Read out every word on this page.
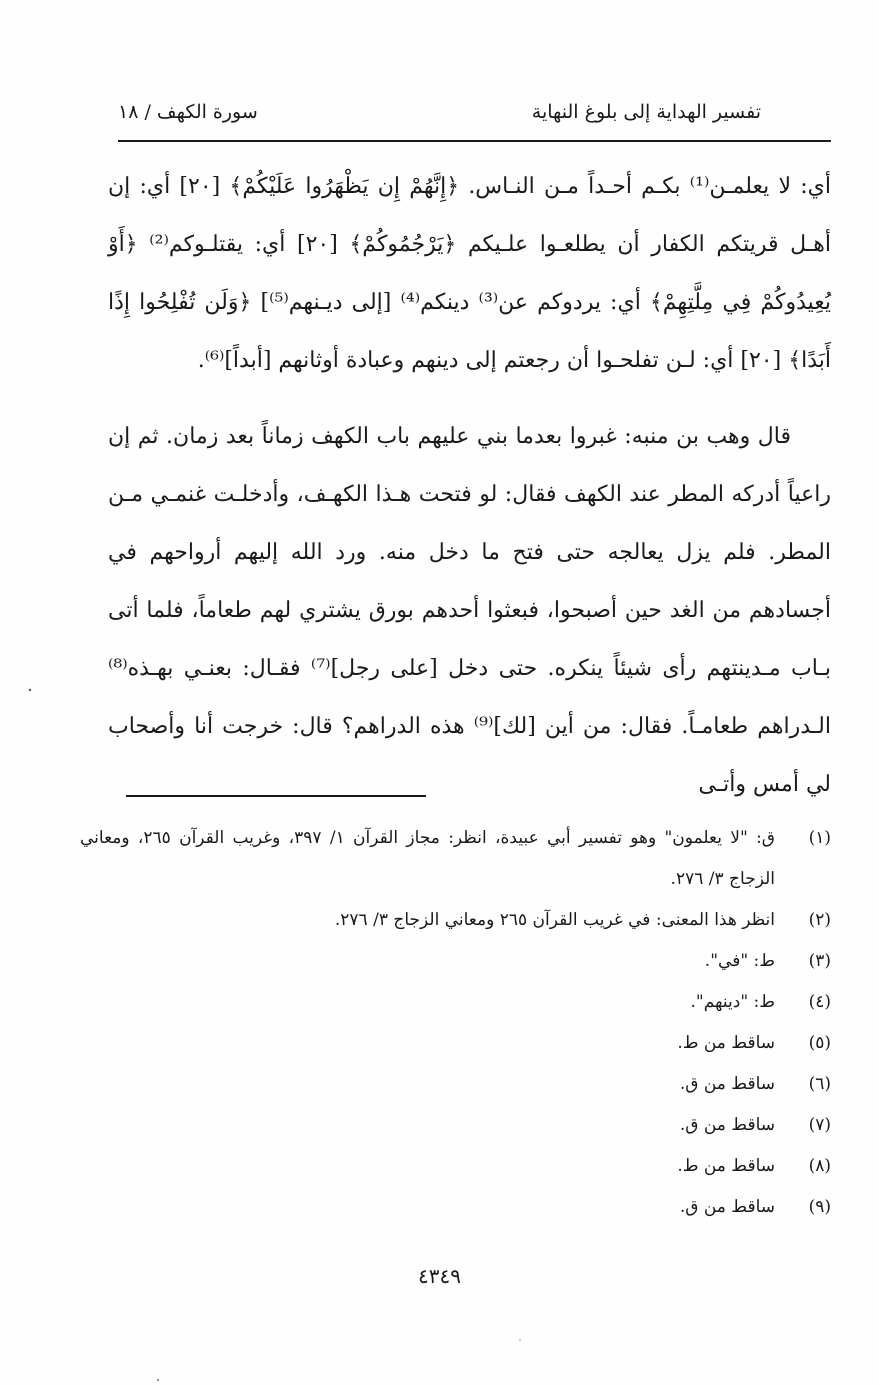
تفسير الهداية إلى بلوغ النهاية
سورة الكهف / ١٨

أي: لا يعلمـن⁽¹⁾ بكـم أحـداً مـن النـاس. ﴿إِنَّهُمْ إِن يَظْهَرُوا عَلَيْكُمْ﴾ [٢٠] أي: إن أهـل قريتكم الكفار أن يطلعـوا علـيكم ﴿يَرْجُمُوكُمْ﴾ [٢٠] أي: يقتلـوكم⁽²⁾ ﴿أَوْ يُعِيدُوكُمْ فِي مِلَّتِهِمْ﴾ أي: يردوكم عن⁽³⁾ دينكم⁽⁴⁾ [إلى ديـنهم⁽⁵⁾] ﴿وَلَن تُفْلِحُوا إِذًا أَبَدًا﴾ [٢٠] أي: لـن تفلحـوا أن رجعتم إلى دينهم وعبادة أوثانهم [أبداً]⁽⁶⁾.

قال وهب بن منبه: غبروا بعدما بني عليهم باب الكهف زماناً بعد زمان. ثم إن راعياً أدركه المطر عند الكهف فقال: لو فتحت هـذا الكهـف، وأدخلـت غنمـي مـن المطر. فلم يزل يعالجه حتى فتح ما دخل منه. ورد الله إليهم أرواحهم في أجسادهم من الغد حين أصبحوا، فبعثوا أحدهم بورق يشتري لهم طعاماً، فلما أتى بـاب مـدينتهم رأى شيئاً ينكره. حتى دخل [على رجل]⁽⁷⁾ فقـال: بعنـي بهـذه⁽⁸⁾ الـدراهم طعامـاً. فقال: من أين [لك]⁽⁹⁾ هذه الدراهم؟ قال: خرجت أنا وأصحاب لي أمس وأتـى

(١)
ق: "لا يعلمون" وهو تفسير أبي عبيدة، انظر: مجاز القرآن ١/ ٣٩٧، وغريب القرآن ٢٦٥، ومعاني الزجاج ٣/ ٢٧٦.
(٢)
انظر هذا المعنى: في غريب القرآن ٢٦٥ ومعاني الزجاج ٣/ ٢٧٦.
(٣)
ط: "في".
(٤)
ط: "دينهم".
(٥)
ساقط من ط.
(٦)
ساقط من ق.
(٧)
ساقط من ق.
(٨)
ساقط من ط.
(٩)
ساقط من ق.
٤٣٤٩
